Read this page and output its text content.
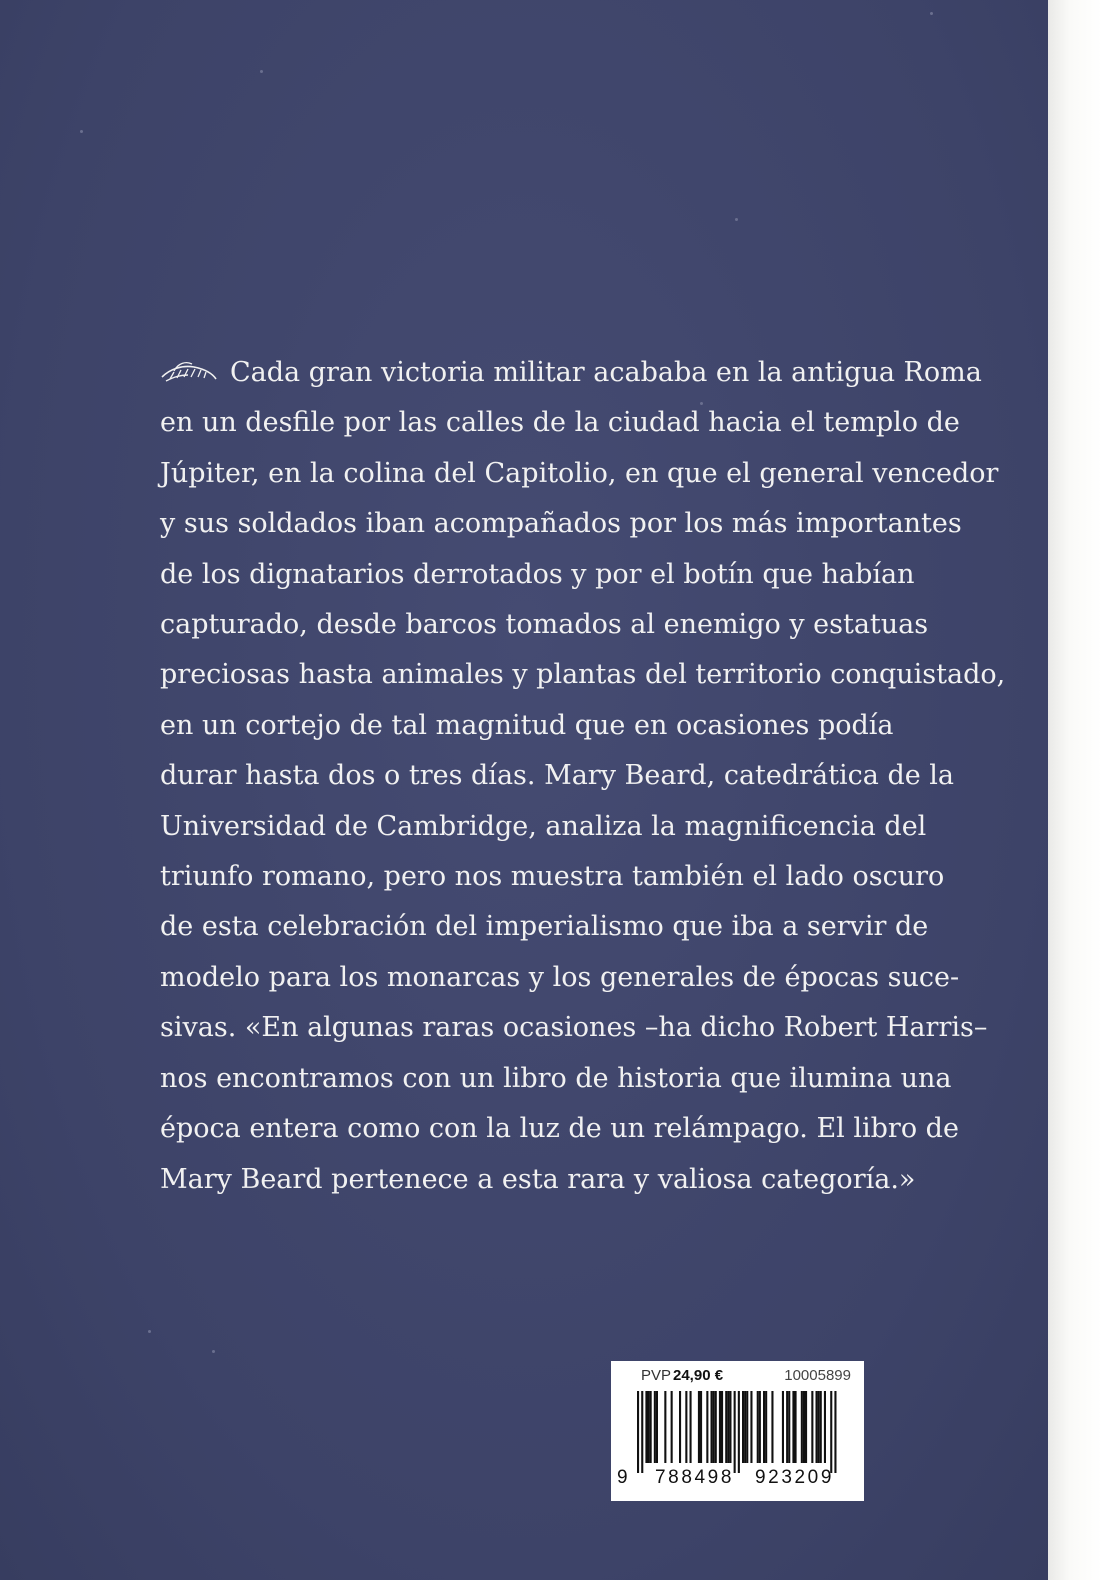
Cada gran victoria militar acababa en la antigua Roma
en un desfile por las calles de la ciudad hacia el templo de
Júpiter, en la colina del Capitolio, en que el general vencedor
y sus soldados iban acompañados por los más importantes
de los dignatarios derrotados y por el botín que habían
capturado, desde barcos tomados al enemigo y estatuas
preciosas hasta animales y plantas del territorio conquistado,
en un cortejo de tal magnitud que en ocasiones podía
durar hasta dos o tres días. Mary Beard, catedrática de la
Universidad de Cambridge, analiza la magnificencia del
triunfo romano, pero nos muestra también el lado oscuro
de esta celebración del imperialismo que iba a servir de
modelo para los monarcas y los generales de épocas suce-
sivas. «En algunas raras ocasiones –ha dicho Robert Harris–
nos encontramos con un libro de historia que ilumina una
época entera como con la luz de un relámpago. El libro de
Mary Beard pertenece a esta rara y valiosa categoría.»
PVP 24,90 €	10005899
9 788498 923209
